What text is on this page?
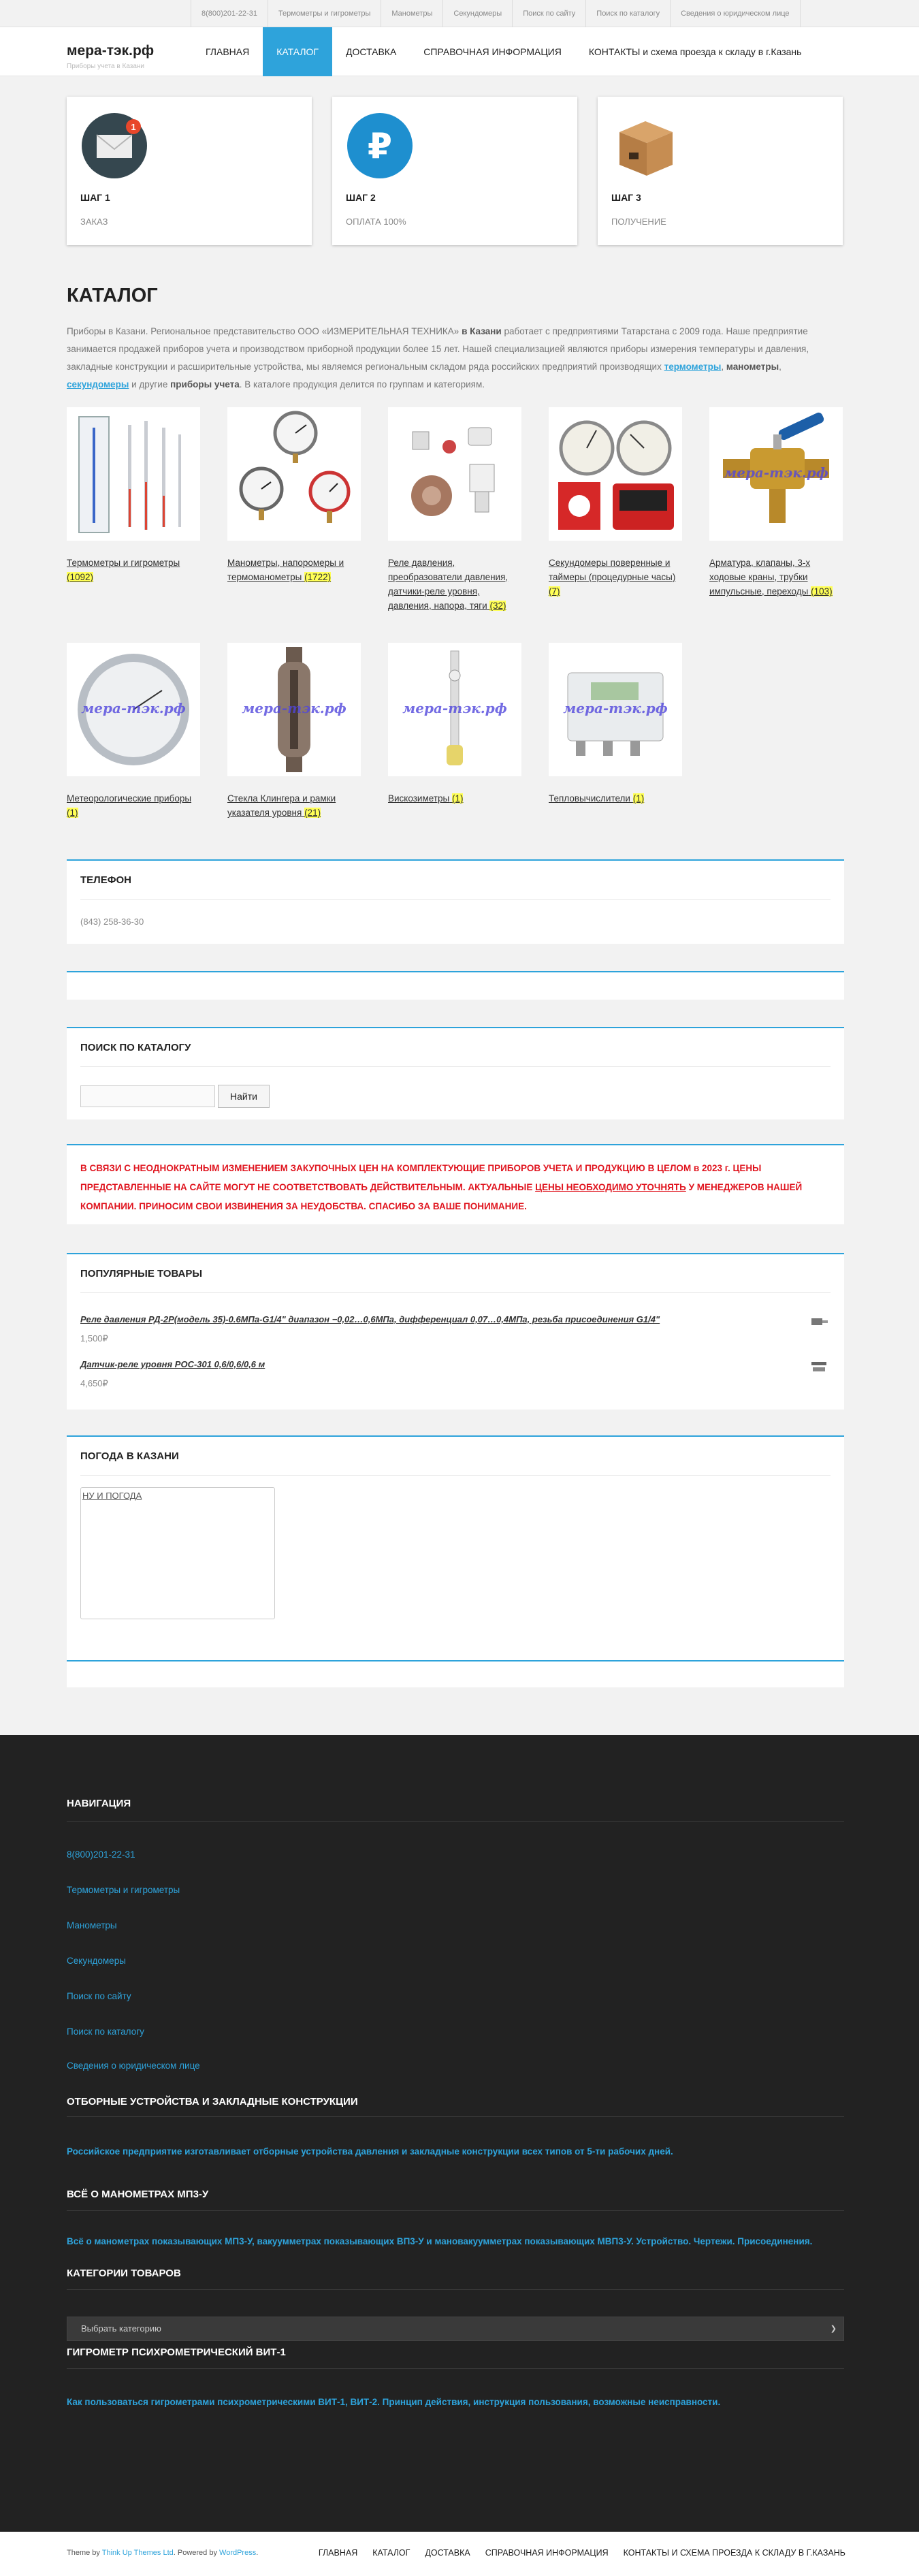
8(800)201-22-31	Термометры и гигрометры	Манометры	Секундомеры	Поиск по сайту	Поиск по каталогу	Сведения о юридическом лице
мера-тэк.рф
Приборы учета в Казани
ГЛАВНАЯ	КАТАЛОГ	ДОСТАВКА	СПРАВОЧНАЯ ИНФОРМАЦИЯ	КОНТАКТЫ и схема проезда к складу в г.Казань
1
ШАГ 1
ЗАКАЗ
₽
ШАГ 2
ОПЛАТА 100%
ШАГ 3
ПОЛУЧЕНИЕ
КАТАЛОГ

Приборы в Казани. Региональное представительство ООО «ИЗМЕРИТЕЛЬНАЯ ТЕХНИКА» в Казани работает с предприятиями Татарстана с 2009 года. Наше предприятие занимается продажей приборов учета и производством приборной продукции более 15 лет. Нашей специализацией являются приборы измерения температуры и давления, закладные конструкции и расширительные устройства, мы являемся региональным складом ряда российских предприятий производящих термометры, манометры, секундомеры и другие приборы учета. В каталоге продукция делится по группам и категориям.

Термометры и гигрометры (1092)
Манометры, напоромеры и термоманометры (1722)
Реле давления, преобразователи давления, датчики-реле уровня, давления, напора, тяги (32)
Секундомеры поверенные и таймеры (процедурные часы) (7)
мера-тэк.рф
Арматура, клапаны, 3-х ходовые краны, трубки импульсные, переходы (103)
мера-тэк.рф
Метеорологические приборы (1)
мера-тэк.рф
Стекла Клингера и рамки указателя уровня (21)
мера-тэк.рф
Вискозиметры (1)
мера-тэк.рф
Тепловычислители (1)
ТЕЛЕФОН
(843) 258-36-30
ПОИСК ПО КАТАЛОГУ
Найти

В СВЯЗИ С НЕОДНОКРАТНЫМ ИЗМЕНЕНИЕМ ЗАКУПОЧНЫХ ЦЕН НА КОМПЛЕКТУЮЩИЕ ПРИБОРОВ УЧЕТА И ПРОДУКЦИЮ В ЦЕЛОМ в 2023 г. ЦЕНЫ ПРЕДСТАВЛЕННЫЕ НА САЙТЕ МОГУТ НЕ СООТВЕТСТВОВАТЬ ДЕЙСТВИТЕЛЬНЫМ. АКТУАЛЬНЫЕ ЦЕНЫ НЕОБХОДИМО УТОЧНЯТЬ У МЕНЕДЖЕРОВ НАШЕЙ КОМПАНИИ. ПРИНОСИМ СВОИ ИЗВИНЕНИЯ ЗА НЕУДОБСТВА. СПАСИБО ЗА ВАШЕ ПОНИМАНИЕ.

ПОПУЛЯРНЫЕ ТОВАРЫ
Реле давления РД-2Р(модель 35)-0.6МПа-G1/4" диапазон −0,02…0,6МПа, дифференциал 0,07…0,4МПа, резьба присоединения G1/4"
1,500₽
Датчик-реле уровня РОС-301 0,6/0,6/0,6 м
4,650₽
ПОГОДА В КАЗАНИ
НУ И ПОГОДА
НАВИГАЦИЯ
8(800)201-22-31
Термометры и гигрометры
Манометры
Секундомеры
Поиск по сайту
Поиск по каталогу
Сведения о юридическом лице
ОТБОРНЫЕ УСТРОЙСТВА И ЗАКЛАДНЫЕ КОНСТРУКЦИИ
Российское предприятие изготавливает отборные устройства давления и закладные конструкции всех типов от 5-ти рабочих дней.
ВСЁ О МАНОМЕТРАХ МП3-У
Всё о манометрах показывающих МП3-У, вакуумметрах показывающих ВП3-У и мановакуумметрах показывающих МВП3-У. Устройство. Чертежи. Присоединения.
КАТЕГОРИИ ТОВАРОВ
Выбрать категорию	❯
ГИГРОМЕТР ПСИХРОМЕТРИЧЕСКИЙ ВИТ-1
Как пользоваться гигрометрами психрометрическими ВИТ-1, ВИТ-2. Принцип действия, инструкция пользования, возможные неисправности.
Theme by Think Up Themes Ltd. Powered by WordPress.	ГЛАВНАЯ КАТАЛОГ ДОСТАВКА СПРАВОЧНАЯ ИНФОРМАЦИЯ КОНТАКТЫ И СХЕМА ПРОЕЗДА К СКЛАДУ В Г.КАЗАНЬ
